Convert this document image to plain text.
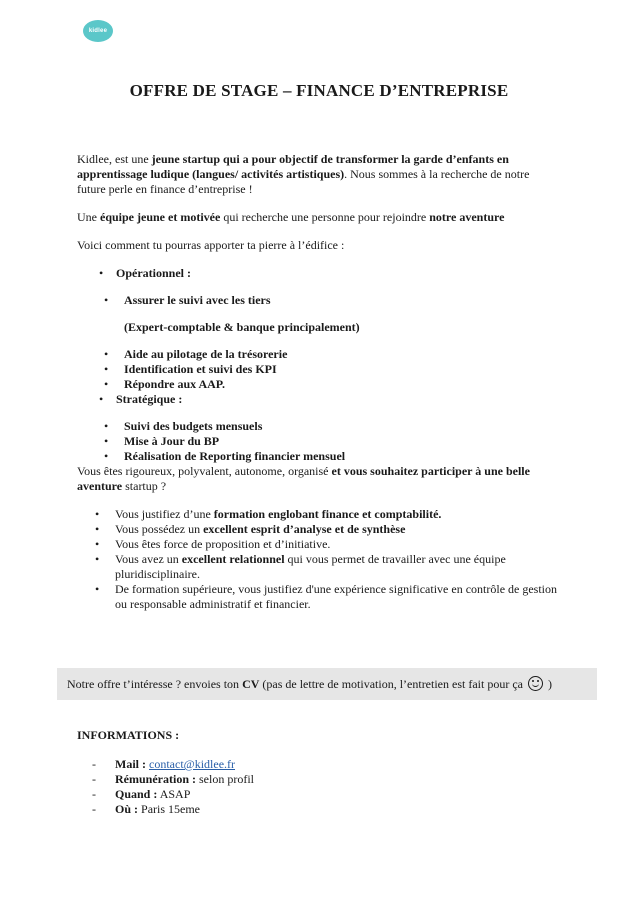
kidlee
OFFRE DE STAGE – FINANCE D’ENTREPRISE

Kidlee, est une jeune startup qui a pour objectif de transformer la garde d’enfants en apprentissage ludique (langues/ activités artistiques). Nous sommes à la recherche de notre future perle en finance d’entreprise !

Une équipe jeune et motivée qui recherche une personne pour rejoindre notre aventure

Voici comment tu pourras apporter ta pierre à l’édifice :

• Opérationnel :
• Assurer le suivi avec les tiers
(Expert-comptable & banque principalement)
• Aide au pilotage de la trésorerie
• Identification et suivi des KPI
• Répondre aux AAP.
• Stratégique :
• Suivi des budgets mensuels
• Mise à Jour du BP
• Réalisation de Reporting financier mensuel

Vous êtes rigoureux, polyvalent, autonome, organisé et vous souhaitez participer à une belle aventure startup ?

• Vous justifiez d’une formation englobant finance et comptabilité.
• Vous possédez un excellent esprit d’analyse et de synthèse
• Vous êtes force de proposition et d’initiative.
• Vous avez un excellent relationnel qui vous permet de travailler avec une équipe pluridisciplinaire.
• De formation supérieure, vous justifiez d'une expérience significative en contrôle de gestion ou responsable administratif et financier.
Notre offre t’intéresse ? envoies ton CV (pas de lettre de motivation, l’entretien est fait pour ça  )
INFORMATIONS :
- Mail : contact@kidlee.fr
- Rémunération : selon profil
- Quand : ASAP
- Où : Paris 15eme
